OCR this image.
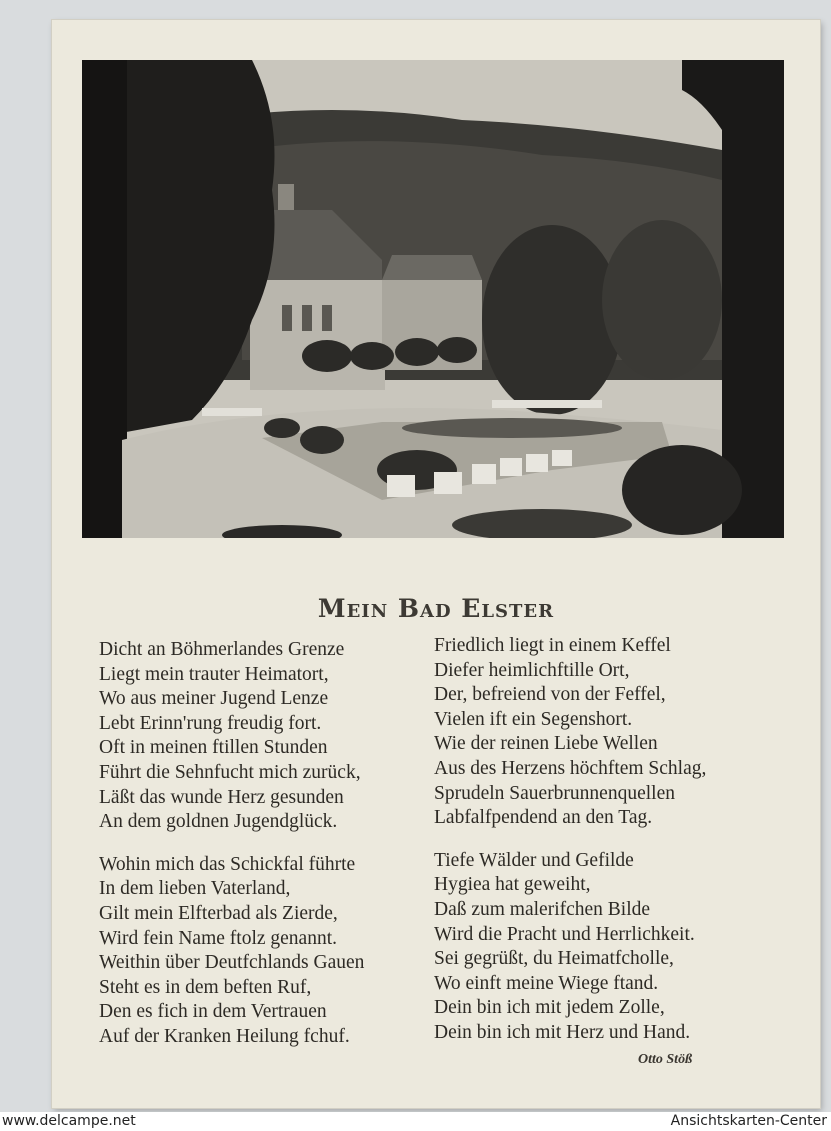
Mein Bad Elster
Dicht an Böhmerlandes Grenze
Liegt mein trauter Heimatort,
Wo aus meiner Jugend Lenze
Lebt Erinn'rung freudig fort.
Oft in meinen ftillen Stunden
Führt die Sehnfucht mich zurück,
Läßt das wunde Herz gesunden
An dem goldnen Jugendglück.
Wohin mich das Schickfal führte
In dem lieben Vaterland,
Gilt mein Elfterbad als Zierde,
Wird fein Name ftolz genannt.
Weithin über Deutfchlands Gauen
Steht es in dem beften Ruf,
Den es fich in dem Vertrauen
Auf der Kranken Heilung fchuf.
Friedlich liegt in einem Keffel
Diefer heimlichftille Ort,
Der, befreiend von der Feffel,
Vielen ift ein Segenshort.
Wie der reinen Liebe Wellen
Aus des Herzens höchftem Schlag,
Sprudeln Sauerbrunnenquellen
Labfalfpendend an den Tag.
Tiefe Wälder und Gefilde
Hygiea hat geweiht,
Daß zum malerifchen Bilde
Wird die Pracht und Herrlichkeit.
Sei gegrüßt, du Heimatfcholle,
Wo einft meine Wiege ftand.
Dein bin ich mit jedem Zolle,
Dein bin ich mit Herz und Hand.
Otto Stöß
www.delcampe.net	Ansichtskarten-Center
